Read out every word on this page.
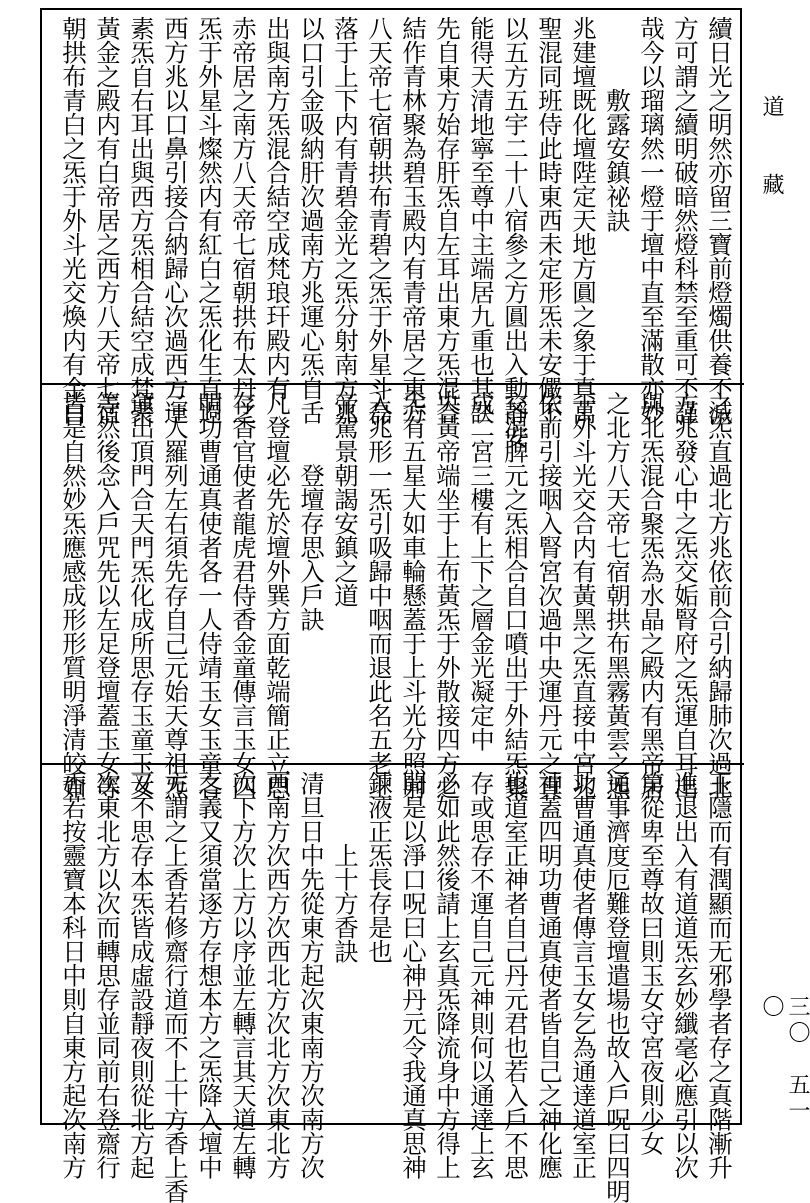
續日光之明然亦留三寶前燈燭供養不滅
方可謂之續明破暗然燈科禁至重可不謹
哉今以瑠璃然一燈于壇中直至滿散亦妙
　　　敷露安鎮祕訣
兆建壇既化壇陛定天地方圓之象于真萬
聖混同班侍此時東西未定形炁未安儼不
以五方五宇二十八宿參之方圓出入動靜安
能得天清地寧至尊中主端居九重也其訣
先自東方始存肝炁自左耳出東方炁混合
結作青林聚為碧玉殿内有青帝居之東方
八天帝七宿朝拱布青碧之炁于外星斗磊
落于上下内有青碧金光之炁分射南方兆
以口引金吸納肝次過南方兆運心炁自舌
出與南方炁混合結空成梵琅玕殿内有
赤帝居之南方八天帝七宿朝拱布太丹之
炁于外星斗燦然内有紅白之炁化生直過
西方兆以口鼻引接合納歸心次過西方運
素炁自右耳出與西方炁相合結空成梵聚
黃金之殿内有白帝居之西方八天帝七宿
朝拱布青白之炁于外斗光交煥内有金白
之炁直過北方兆依前合引納歸肺次過北
方兆發心中之炁交姤腎府之炁運自耳出
與北炁混合聚炁為水晶之殿内有黑帝居
之北方八天帝七宿朝拱布黑霧黃雲之炁
于外斗光交合内有黃黑之炁直接中宮兆
依前引接咽入腎宮次過中央運丹元之真
交混脾元之炁相合自口噴出于外結炁聚
成二宮三樓有上下之層金光凝定中
央黃帝端坐于上布黃炁于外散接四方之
炁有五星大如車輪懸蓋于上斗光分照射
入兆形一炁引吸歸中咽而退此名五老上
帝駕景朝謁安鎮之道
　　　登壇存思入戶訣
凡登壇必先於壇外巽方面乾端簡正立思
存香官使者龍虎君侍香金童傳言玉女四
明功曹通真使者各一人侍靖玉女玉童各
二人羅列左右須先存自己元始天尊祖炁
運出頂門合天門炁化成所思存玉童玉女
等然後念入戶咒先以左足登壇蓋玉女等
皆是自然妙炁應感成形形質明淨清皎如
玉隱而有潤顯而无邪學者存之真階漸升
進退出入有道道炁玄妙纖毫必應引以次
第從卑至尊故曰則玉女守宮夜則少女
通事濟度厄難登壇遣場也故入戶呪曰四明
功曹通真使者傳言玉女乞為通達道室正
神蓋四明功曹通真使者皆自己之神化應
也道室正神者自己丹元君也若入戶不思
存或思存不運自己元神則何以通達上玄
必如此然後請上玄真炁降流身中方得上
聞是以淨口呪曰心神丹元令我通真思神
鍊液正炁長存是也
　　　上十方香訣
清旦日中先從東方起次東南方次南方次
西南方次西方次西北方次北方次東北方
次下方次上方以序並左轉言其天道左轉
之義又須當逐方存想本方之炁降入壇中
方謂之上香若修齋行道而不上十方香上香
又不思存本炁皆成虛設靜夜則從北方起
次東北方以次而轉思存並同前右登齋行
香若按靈寶本科日中則自東方起次南方
道　　藏
三〇　五一〇
